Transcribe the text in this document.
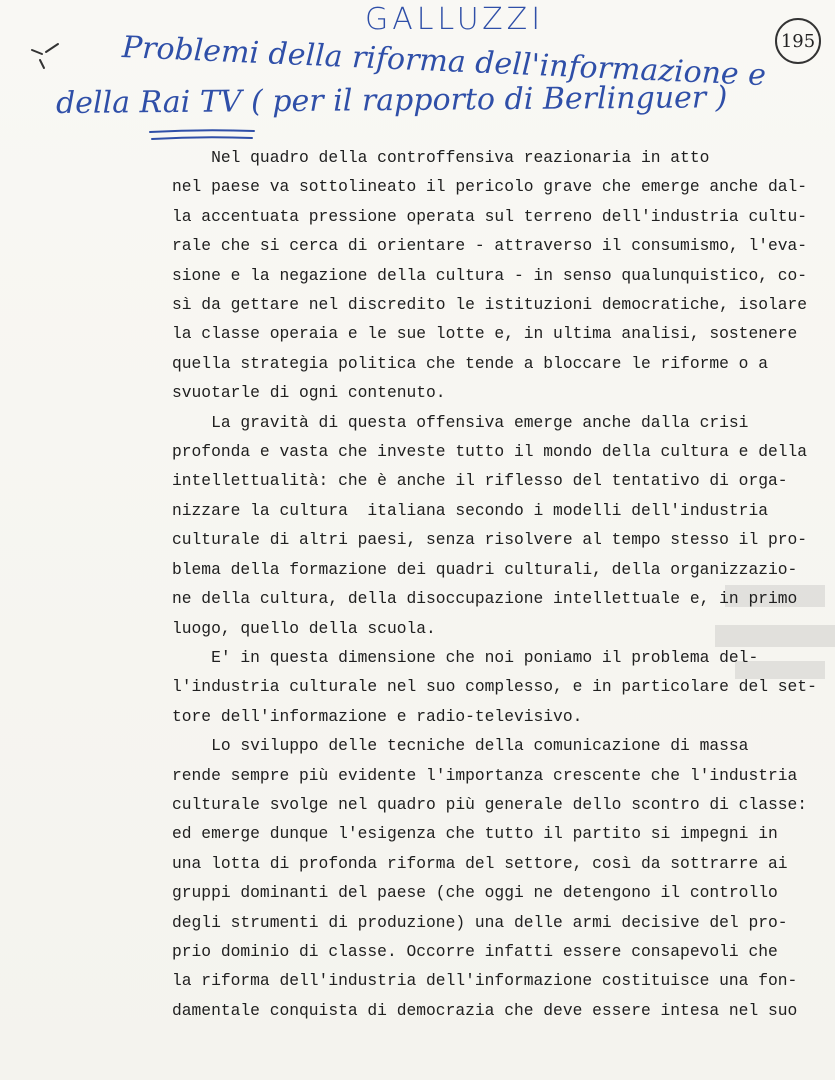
GALLUZZI
Problemi della riforma dell'informazione e
della Rai TV ( per il rapporto di Berlinguer )
195

Nel quadro della controffensiva reazionaria in atto
nel paese va sottolineato il pericolo grave che emerge anche dal-
la accentuata pressione operata sul terreno dell'industria cultu-
rale che si cerca di orientare - attraverso il consumismo, l'eva-
sione e la negazione della cultura - in senso qualunquistico, co-
sì da gettare nel discredito le istituzioni democratiche, isolare
la classe operaia e le sue lotte e, in ultima analisi, sostenere
quella strategia politica che tende a bloccare le riforme o a
svuotarle di ogni contenuto.

La gravità di questa offensiva emerge anche dalla crisi
profonda e vasta che investe tutto il mondo della cultura e della
intellettualità: che è anche il riflesso del tentativo di orga-
nizzare la cultura  italiana secondo i modelli dell'industria
culturale di altri paesi, senza risolvere al tempo stesso il pro-
blema della formazione dei quadri culturali, della organizzazio-
ne della cultura, della disoccupazione intellettuale e, in primo
luogo, quello della scuola.

E' in questa dimensione che noi poniamo il problema del-
l'industria culturale nel suo complesso, e in particolare del set-
tore dell'informazione e radio-televisivo.

Lo sviluppo delle tecniche della comunicazione di massa
rende sempre più evidente l'importanza crescente che l'industria
culturale svolge nel quadro più generale dello scontro di classe:
ed emerge dunque l'esigenza che tutto il partito si impegni in
una lotta di profonda riforma del settore, così da sottrarre ai
gruppi dominanti del paese (che oggi ne detengono il controllo
degli strumenti di produzione) una delle armi decisive del pro-
prio dominio di classe. Occorre infatti essere consapevoli che
la riforma dell'industria dell'informazione costituisce una fon-
damentale conquista di democrazia che deve essere intesa nel suo
